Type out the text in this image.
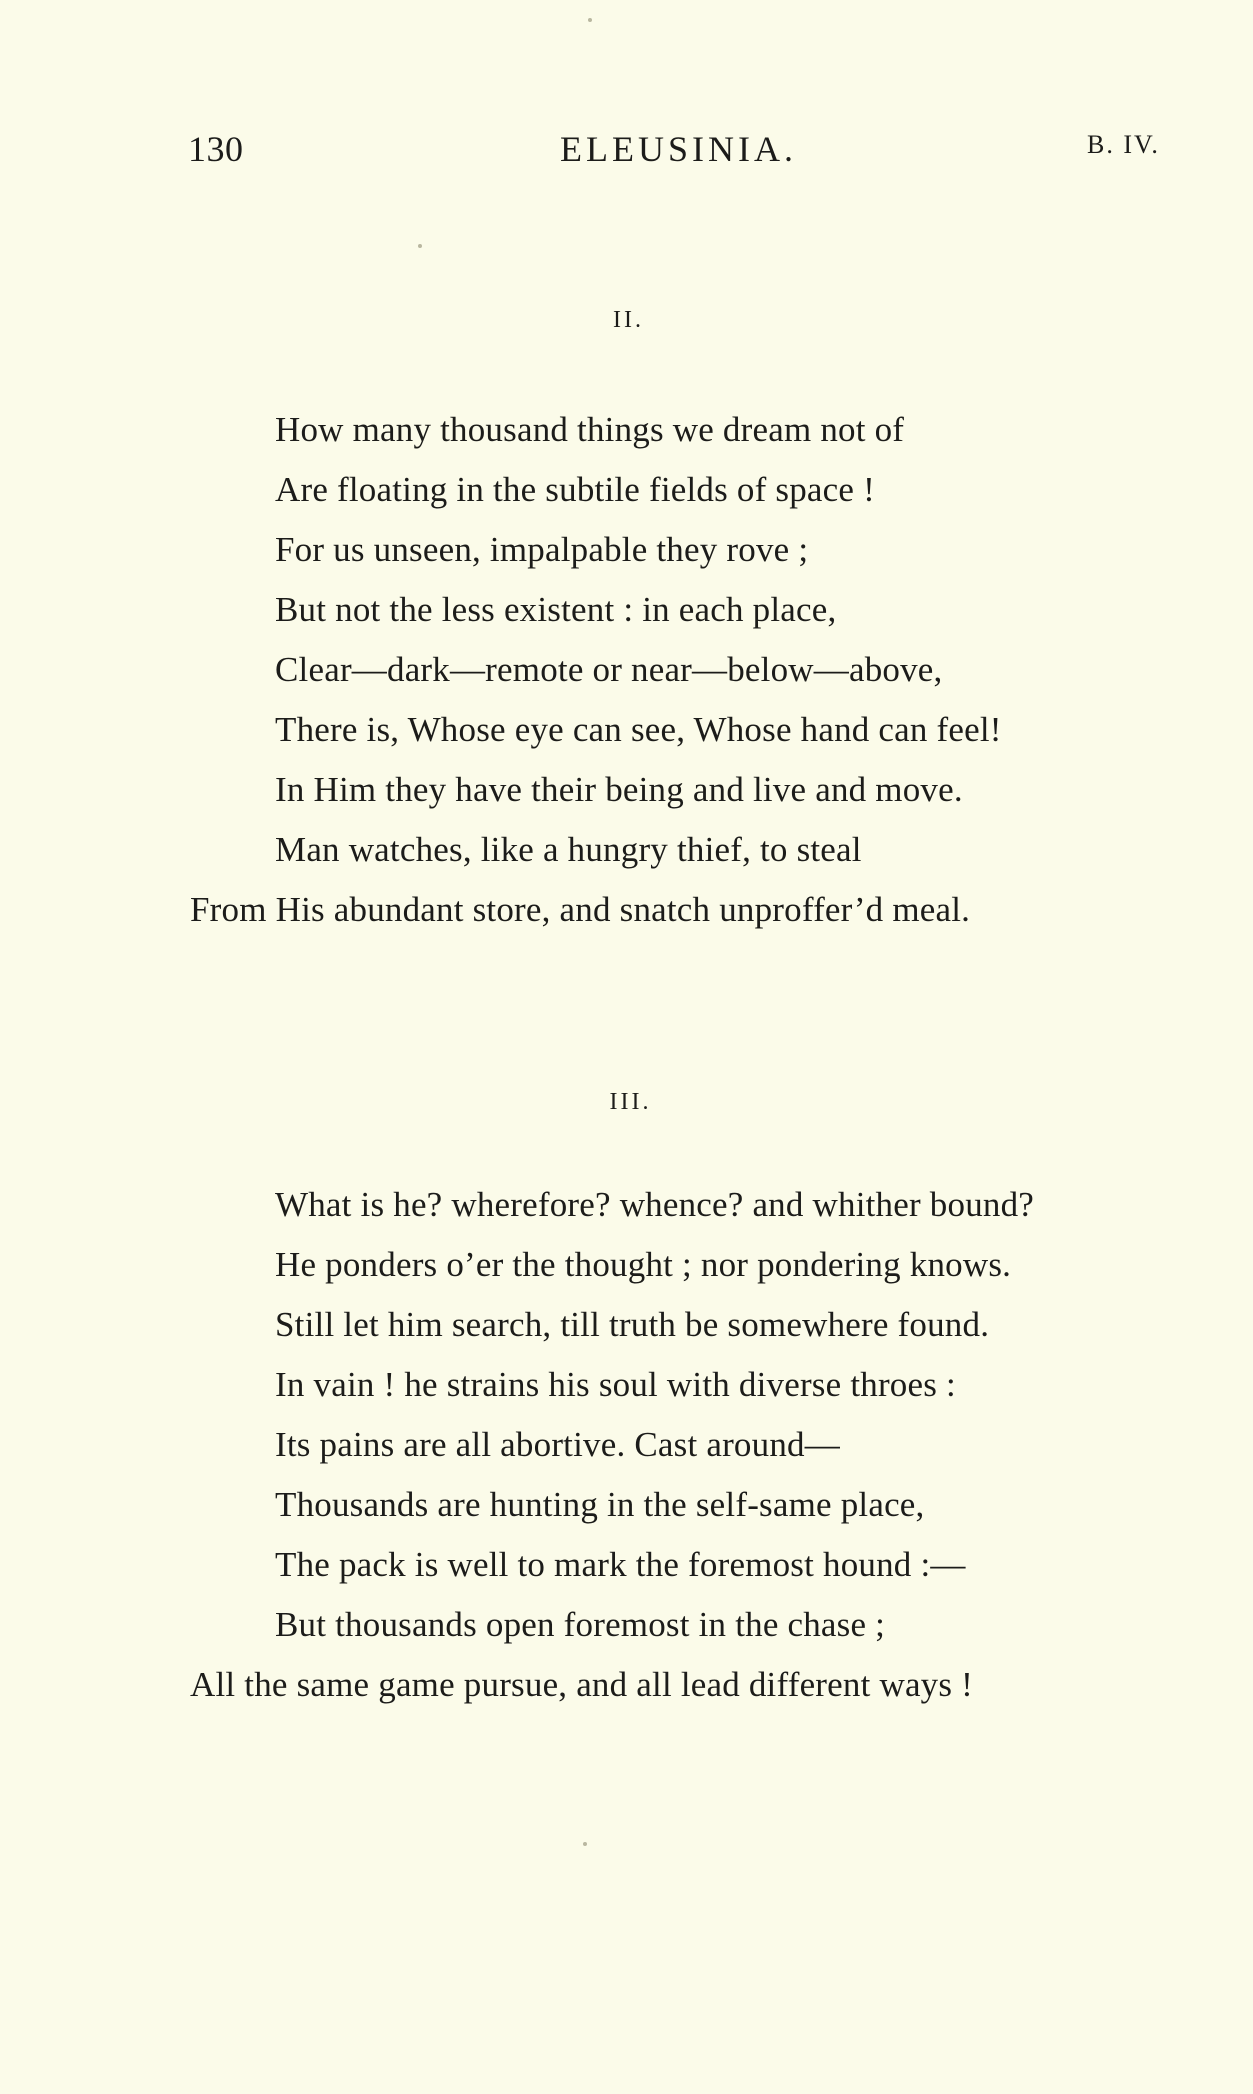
130	ELEUSINIA.	B. IV.
II.
How many thousand things we dream not of
Are floating in the subtile fields of space !
For us unseen, impalpable they rove ;
But not the less existent : in each place,
Clear—dark—remote or near—below—above,
There is, Whose eye can see, Whose hand can feel!
In Him they have their being and live and move.
Man watches, like a hungry thief, to steal
From His abundant store, and snatch unproffer’d meal.
III.
What is he? wherefore? whence? and whither bound?
He ponders o’er the thought ; nor pondering knows.
Still let him search, till truth be somewhere found.
In vain ! he strains his soul with diverse throes :
Its pains are all abortive. Cast around—
Thousands are hunting in the self-same place,
The pack is well to mark the foremost hound :—
But thousands open foremost in the chase ;
All the same game pursue, and all lead different ways !
